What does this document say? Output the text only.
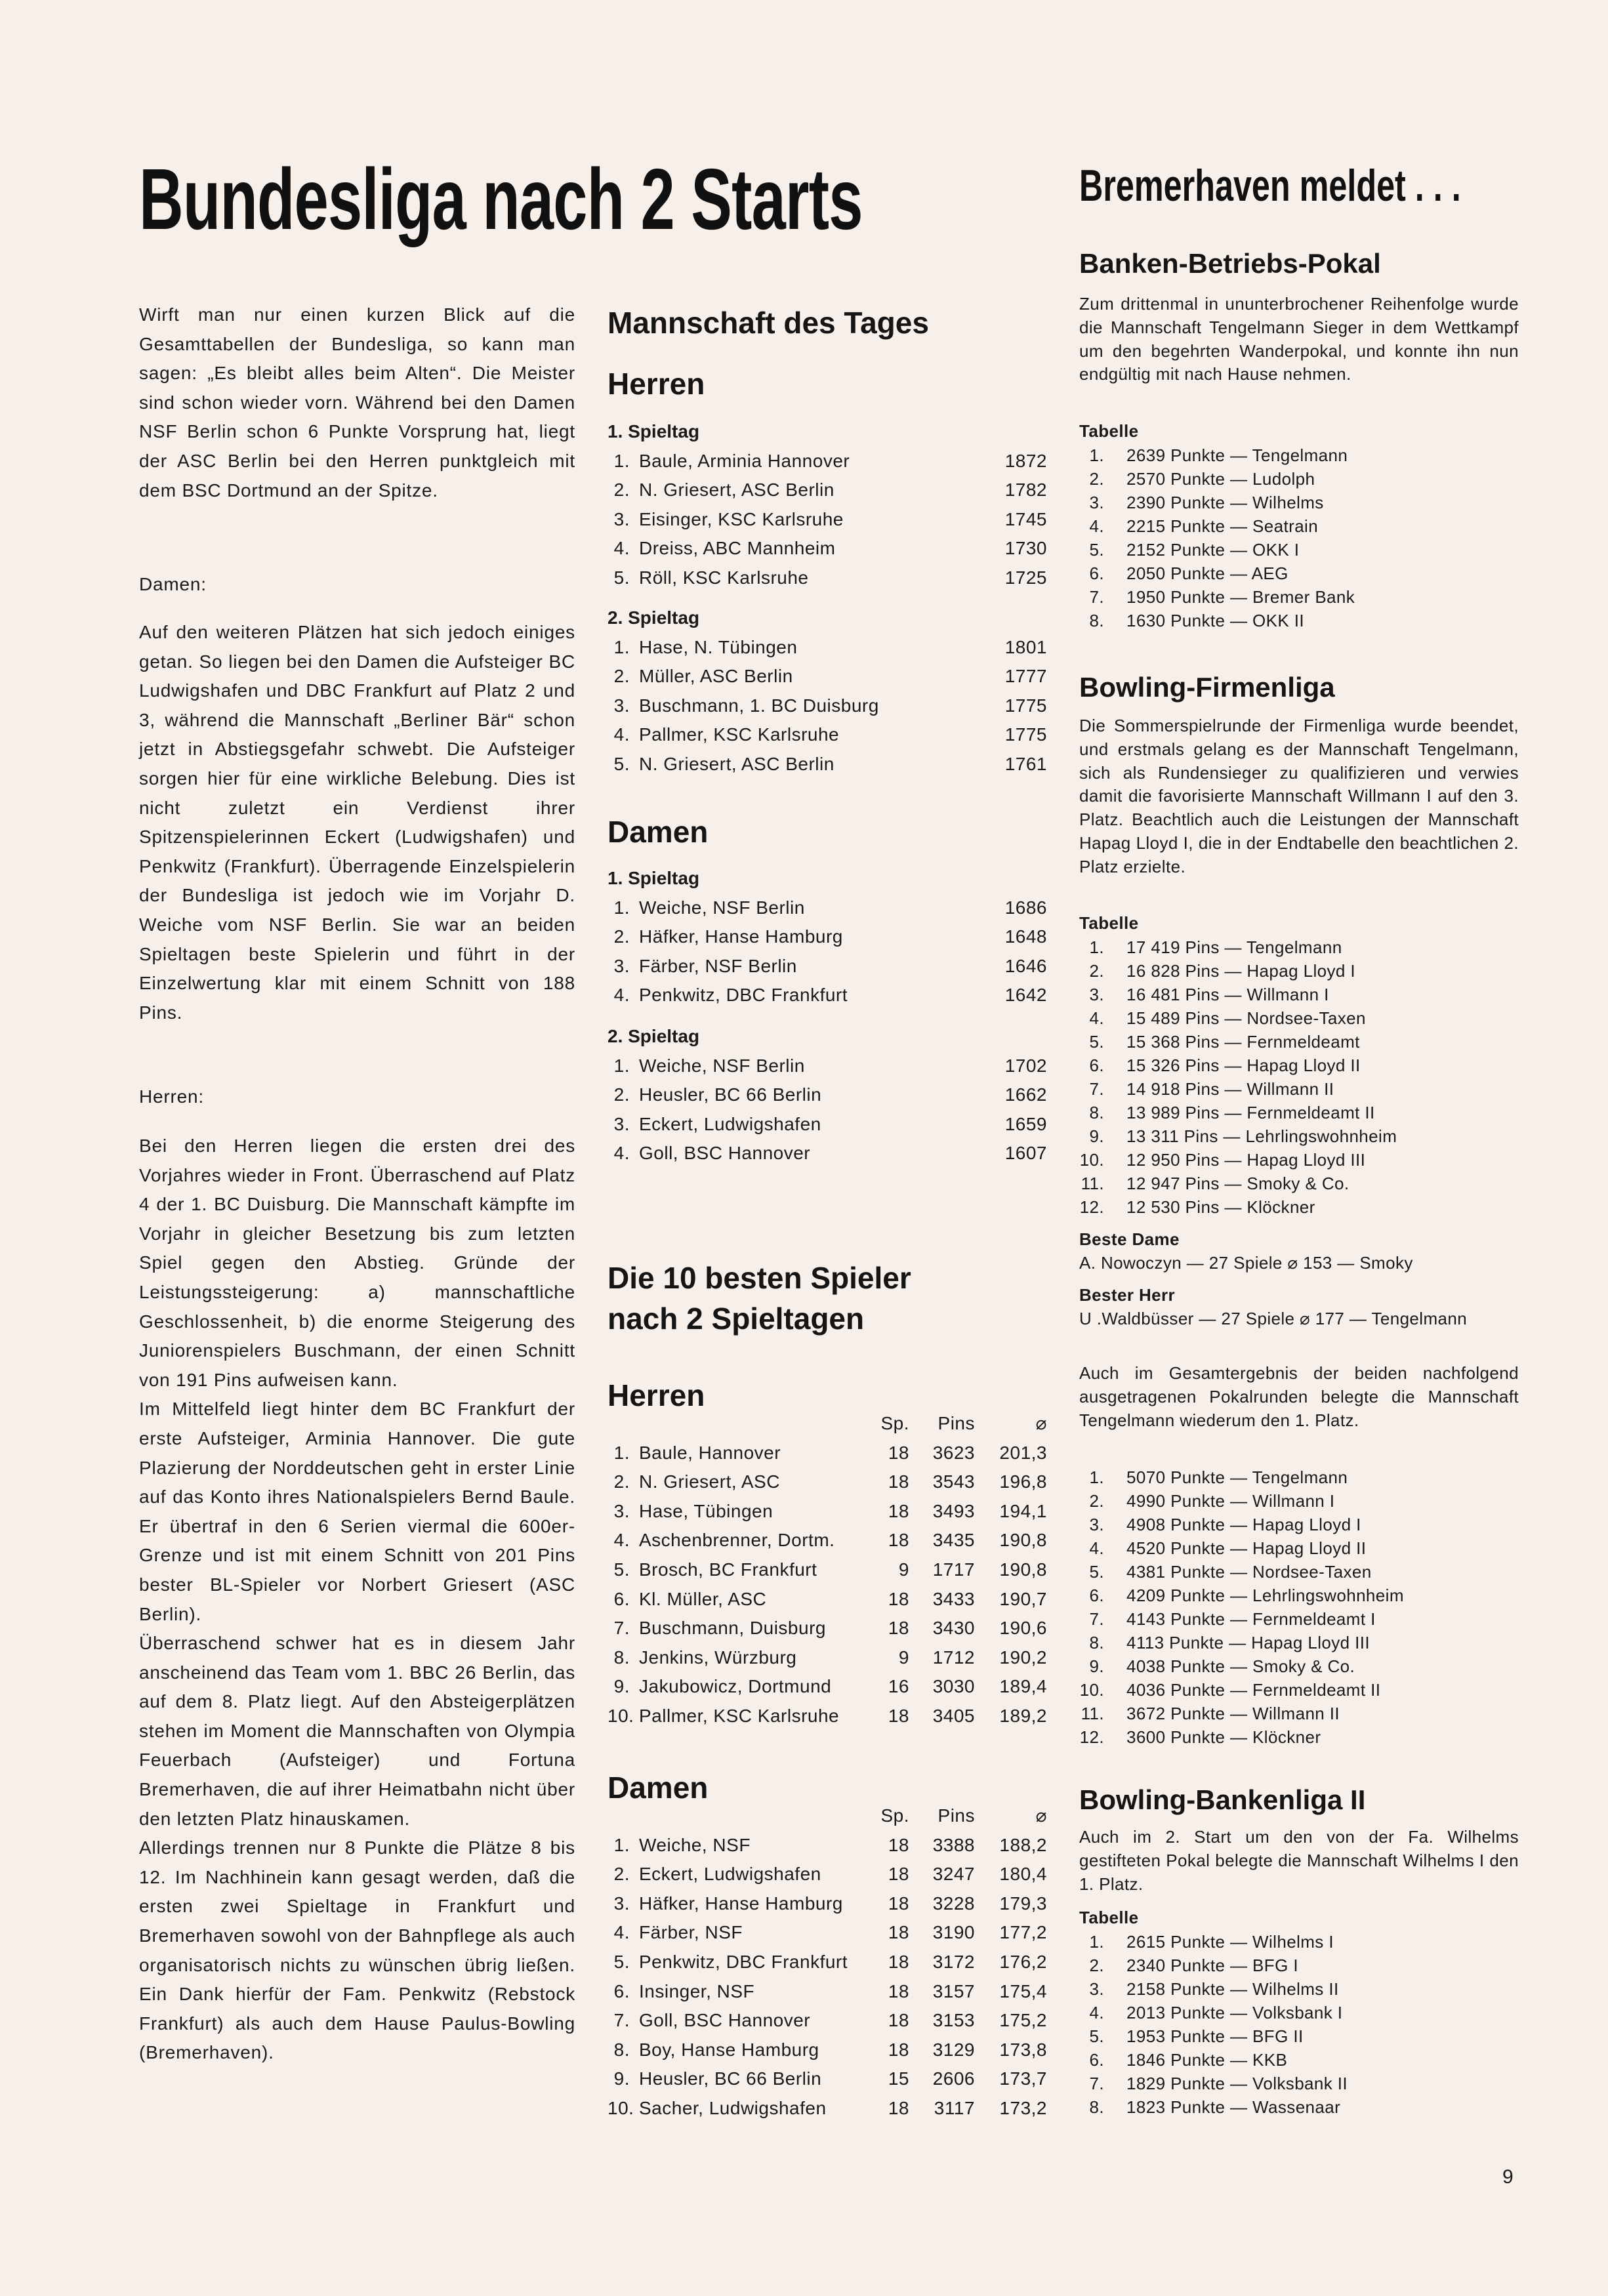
Bundesliga nach 2 Starts

Wirft man nur einen kurzen Blick auf die Gesamttabellen der Bundesliga, so kann man sagen: „Es bleibt alles beim Alten“. Die Meister sind schon wieder vorn. Während bei den Damen NSF Berlin schon 6 Punkte Vorsprung hat, liegt der ASC Berlin bei den Herren punktgleich mit dem BSC Dortmund an der Spitze.

Damen:

Auf den weiteren Plätzen hat sich jedoch einiges getan. So liegen bei den Damen die Aufsteiger BC Ludwigshafen und DBC Frankfurt auf Platz 2 und 3, während die Mannschaft „Berliner Bär“ schon jetzt in Abstiegsgefahr schwebt. Die Aufsteiger sorgen hier für eine wirkliche Belebung. Dies ist nicht zuletzt ein Verdienst ihrer Spitzenspielerinnen Eckert (Ludwigshafen) und Penkwitz (Frankfurt). Überragende Einzelspielerin der Bundesliga ist jedoch wie im Vorjahr D. Weiche vom NSF Berlin. Sie war an beiden Spieltagen beste Spielerin und führt in der Einzelwertung klar mit einem Schnitt von 188 Pins.

Herren:

Bei den Herren liegen die ersten drei des Vorjahres wieder in Front. Überraschend auf Platz 4 der 1. BC Duisburg. Die Mannschaft kämpfte im Vorjahr in gleicher Besetzung bis zum letzten Spiel gegen den Abstieg. Gründe der Leistungssteigerung: a) mannschaftliche Geschlossenheit, b) die enorme Steigerung des Juniorenspielers Buschmann, der einen Schnitt von 191 Pins aufweisen kann.

Im Mittelfeld liegt hinter dem BC Frankfurt der erste Aufsteiger, Arminia Hannover. Die gute Plazierung der Norddeutschen geht in erster Linie auf das Konto ihres Nationalspielers Bernd Baule. Er übertraf in den 6 Serien viermal die 600er-Grenze und ist mit einem Schnitt von 201 Pins bester BL-Spieler vor Norbert Griesert (ASC Berlin).

Überraschend schwer hat es in diesem Jahr anscheinend das Team vom 1. BBC 26 Berlin, das auf dem 8. Platz liegt. Auf den Absteigerplätzen stehen im Moment die Mannschaften von Olympia Feuerbach (Aufsteiger) und Fortuna Bremerhaven, die auf ihrer Heimatbahn nicht über den letzten Platz hinauskamen.

Allerdings trennen nur 8 Punkte die Plätze 8 bis 12. Im Nachhinein kann gesagt werden, daß die ersten zwei Spieltage in Frankfurt und Bremerhaven sowohl von der Bahnpflege als auch organisatorisch nichts zu wünschen übrig ließen. Ein Dank hierfür der Fam. Penkwitz (Rebstock Frankfurt) als auch dem Hause Paulus-Bowling (Bremerhaven).

Mannschaft des Tages
Herren
1. Spieltag
1. Baule, Arminia Hannover	1872
2. N. Griesert, ASC Berlin	1782
3. Eisinger, KSC Karlsruhe	1745
4. Dreiss, ABC Mannheim	1730
5. Röll, KSC Karlsruhe	1725
2. Spieltag
1. Hase, N. Tübingen	1801
2. Müller, ASC Berlin	1777
3. Buschmann, 1. BC Duisburg	1775
4. Pallmer, KSC Karlsruhe	1775
5. N. Griesert, ASC Berlin	1761
Damen
1. Spieltag
1. Weiche, NSF Berlin	1686
2. Häfker, Hanse Hamburg	1648
3. Färber, NSF Berlin	1646
4. Penkwitz, DBC Frankfurt	1642
2. Spieltag
1. Weiche, NSF Berlin	1702
2. Heusler, BC 66 Berlin	1662
3. Eckert, Ludwigshafen	1659
4. Goll, BSC Hannover	1607
Die 10 besten Spieler
nach 2 Spieltagen
Herren
Sp.	Pins	⌀
1. Baule, Hannover	18	3623	201,3
2. N. Griesert, ASC	18	3543	196,8
3. Hase, Tübingen	18	3493	194,1
4. Aschenbrenner, Dortm.	18	3435	190,8
5. Brosch, BC Frankfurt	9	1717	190,8
6. Kl. Müller, ASC	18	3433	190,7
7. Buschmann, Duisburg	18	3430	190,6
8. Jenkins, Würzburg	9	1712	190,2
9. Jakubowicz, Dortmund	16	3030	189,4
10. Pallmer, KSC Karlsruhe	18	3405	189,2
Damen
Sp.	Pins	⌀
1. Weiche, NSF	18	3388	188,2
2. Eckert, Ludwigshafen	18	3247	180,4
3. Häfker, Hanse Hamburg	18	3228	179,3
4. Färber, NSF	18	3190	177,2
5. Penkwitz, DBC Frankfurt	18	3172	176,2
6. Insinger, NSF	18	3157	175,4
7. Goll, BSC Hannover	18	3153	175,2
8. Boy, Hanse Hamburg	18	3129	173,8
9. Heusler, BC 66 Berlin	15	2606	173,7
10. Sacher, Ludwigshafen	18	3117	173,2
Bremerhaven meldet . . .
Banken-Betriebs-Pokal

Zum drittenmal in ununterbrochener Reihenfolge wurde die Mannschaft Tengelmann Sieger in dem Wettkampf um den begehrten Wanderpokal, und konnte ihn nun endgültig mit nach Hause nehmen.

Tabelle
1.	2639 Punkte — Tengelmann
2.	2570 Punkte — Ludolph
3.	2390 Punkte — Wilhelms
4.	2215 Punkte — Seatrain
5.	2152 Punkte — OKK I
6.	2050 Punkte — AEG
7.	1950 Punkte — Bremer Bank
8.	1630 Punkte — OKK II
Bowling-Firmenliga

Die Sommerspielrunde der Firmenliga wurde beendet, und erstmals gelang es der Mannschaft Tengelmann, sich als Rundensieger zu qualifizieren und verwies damit die favorisierte Mannschaft Willmann I auf den 3. Platz. Beachtlich auch die Leistungen der Mannschaft Hapag Lloyd I, die in der Endtabelle den beachtlichen 2. Platz erzielte.

Tabelle
1.	17 419 Pins — Tengelmann
2.	16 828 Pins — Hapag Lloyd I
3.	16 481 Pins — Willmann I
4.	15 489 Pins — Nordsee-Taxen
5.	15 368 Pins — Fernmeldeamt
6.	15 326 Pins — Hapag Lloyd II
7.	14 918 Pins — Willmann II
8.	13 989 Pins — Fernmeldeamt II
9.	13 311 Pins — Lehrlingswohnheim
10.	12 950 Pins — Hapag Lloyd III
11.	12 947 Pins — Smoky & Co.
12.	12 530 Pins — Klöckner
Beste Dame
A. Nowoczyn — 27 Spiele ⌀ 153 — Smoky
Bester Herr
U .Waldbüsser — 27 Spiele ⌀ 177 — Tengelmann

Auch im Gesamtergebnis der beiden nachfolgend ausgetragenen Pokalrunden belegte die Mannschaft Tengelmann wiederum den 1. Platz.

1.	5070 Punkte — Tengelmann
2.	4990 Punkte — Willmann I
3.	4908 Punkte — Hapag Lloyd I
4.	4520 Punkte — Hapag Lloyd II
5.	4381 Punkte — Nordsee-Taxen
6.	4209 Punkte — Lehrlingswohnheim
7.	4143 Punkte — Fernmeldeamt I
8.	4113 Punkte — Hapag Lloyd III
9.	4038 Punkte — Smoky & Co.
10.	4036 Punkte — Fernmeldeamt II
11.	3672 Punkte — Willmann II
12.	3600 Punkte — Klöckner
Bowling-Bankenliga II

Auch im 2. Start um den von der Fa. Wilhelms gestifteten Pokal belegte die Mannschaft Wilhelms I den 1. Platz.

Tabelle
1.	2615 Punkte — Wilhelms I
2.	2340 Punkte — BFG I
3.	2158 Punkte — Wilhelms II
4.	2013 Punkte — Volksbank I
5.	1953 Punkte — BFG II
6.	1846 Punkte — KKB
7.	1829 Punkte — Volksbank II
8.	1823 Punkte — Wassenaar
9
